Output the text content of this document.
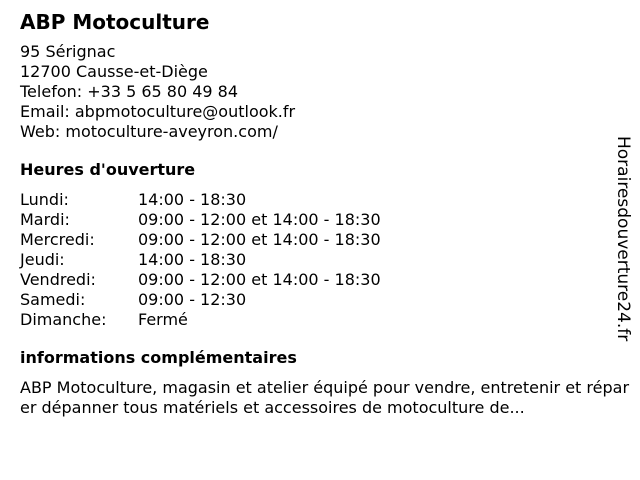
ABP Motoculture
95 Sérignac
12700 Causse-et-Diège
Telefon: +33 5 65 80 49 84
Email: abpmotoculture@outlook.fr
Web: motoculture-aveyron.com/
Heures d'ouverture
Lundi:	14:00 - 18:30
Mardi:	09:00 - 12:00 et 14:00 - 18:30
Mercredi:	09:00 - 12:00 et 14:00 - 18:30
Jeudi:	14:00 - 18:30
Vendredi:	09:00 - 12:00 et 14:00 - 18:30
Samedi:	09:00 - 12:30
Dimanche:	Fermé
informations complémentaires
ABP Motoculture, magasin et atelier équipé pour vendre, entretenir et réparer dépanner tous matériels et accessoires de motoculture de...
Horairesdouverture24.fr
